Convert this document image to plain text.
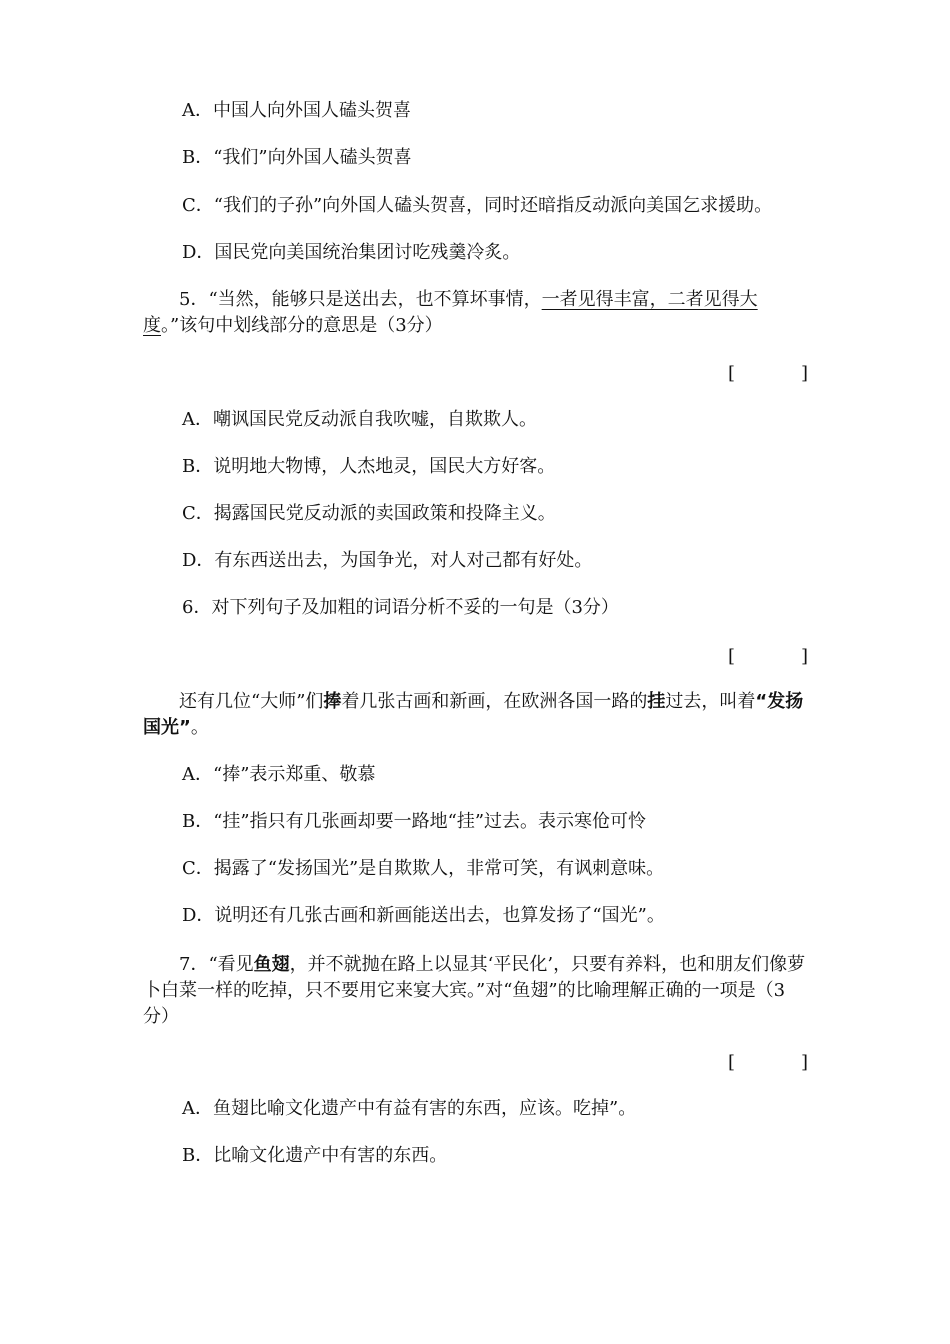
A．中国人向外国人磕头贺喜
B．“我们”向外国人磕头贺喜
C．“我们的子孙”向外国人磕头贺喜，同时还暗指反动派向美国乞求援助。
D．国民党向美国统治集团讨吃残羹冷炙。
5．“当然，能够只是送出去，也不算坏事情，一者见得丰富，二者见得大度。”该句中划线部分的意思是（3分）
[	]
A．嘲讽国民党反动派自我吹嘘，自欺欺人。
B．说明地大物博，人杰地灵，国民大方好客。
C．揭露国民党反动派的卖国政策和投降主义。
D．有东西送出去，为国争光，对人对己都有好处。
6．对下列句子及加粗的词语分析不妥的一句是（3分）
[	]
还有几位“大师”们捧着几张古画和新画，在欧洲各国一路的挂过去，叫着“发扬国光”。
A．“捧”表示郑重、敬慕
B．“挂”指只有几张画却要一路地“挂”过去。表示寒伧可怜
C．揭露了“发扬国光”是自欺欺人，非常可笑，有讽刺意味。
D．说明还有几张古画和新画能送出去，也算发扬了“国光”。
7．“看见鱼翅，并不就抛在路上以显其‘平民化’，只要有养料，也和朋友们像萝卜白菜一样的吃掉，只不要用它来宴大宾。”对“鱼翅”的比喻理解正确的一项是（3分）
[	]
A．鱼翅比喻文化遗产中有益有害的东西，应该。吃掉”。
B．比喻文化遗产中有害的东西。
